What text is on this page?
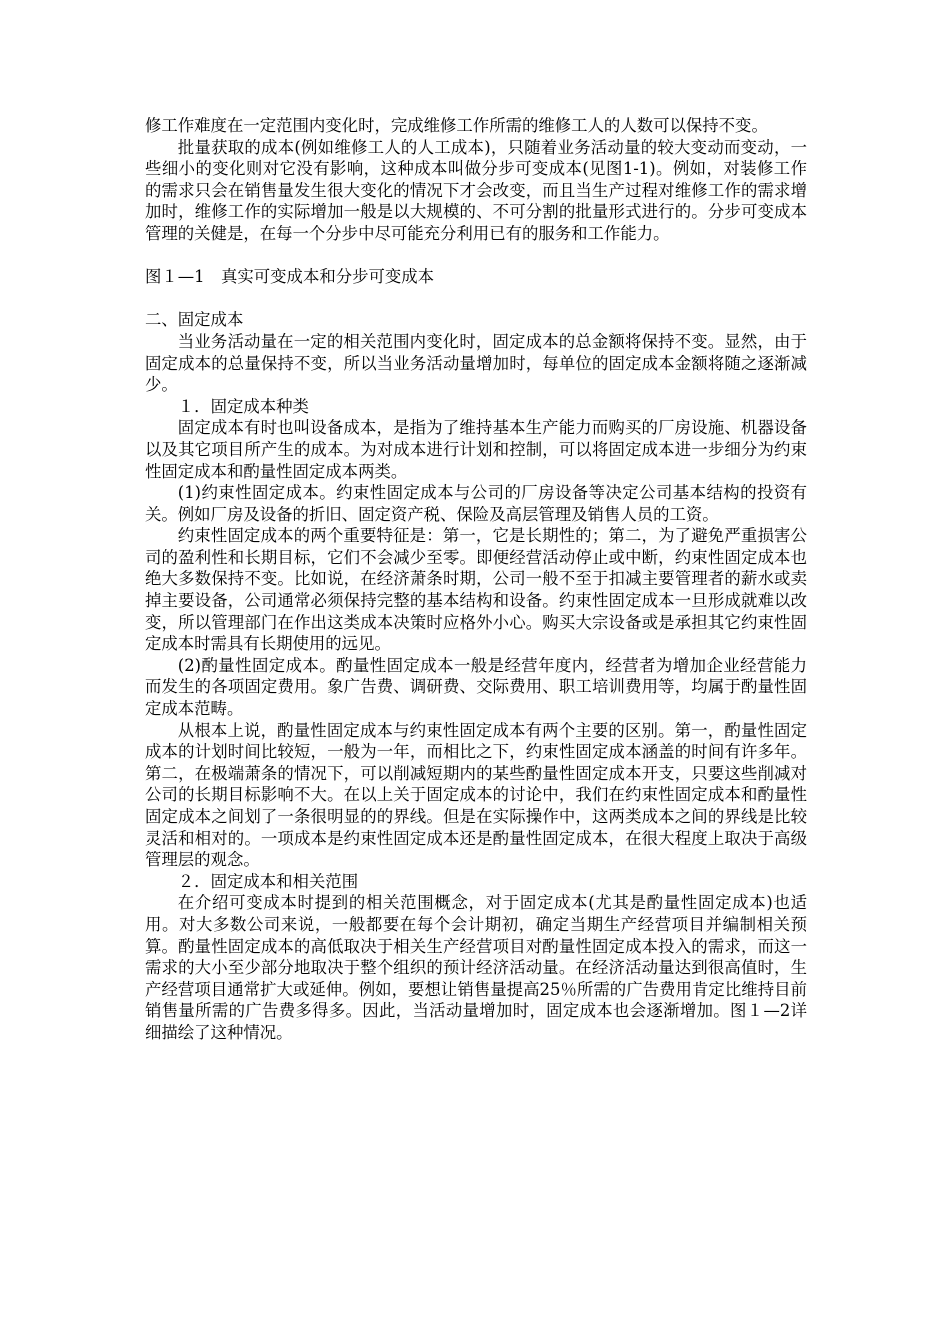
修工作难度在一定范围内变化时，完成维修工作所需的维修工人的人数可以保持不变。

批量获取的成本(例如维修工人的人工成本)，只随着业务活动量的较大变动而变动，一些细小的变化则对它没有影响，这种成本叫做分步可变成本(见图1-1)。例如，对装修工作的需求只会在销售量发生很大变化的情况下才会改变，而且当生产过程对维修工作的需求增加时，维修工作的实际增加一般是以大规模的、不可分割的批量形式进行的。分步可变成本管理的关健是，在每一个分步中尽可能充分利用已有的服务和工作能力。

图１—1　真实可变成本和分步可变成本

二、固定成本

当业务活动量在一定的相关范围内变化时，固定成本的总金额将保持不变。显然，由于固定成本的总量保持不变，所以当业务活动量增加时，每单位的固定成本金额将随之逐渐减少。

１．固定成本种类

固定成本有时也叫设备成本，是指为了维持基本生产能力而购买的厂房设施、机器设备以及其它项目所产生的成本。为对成本进行计划和控制，可以将固定成本进一步细分为约束性固定成本和酌量性固定成本两类。

(1)约束性固定成本。约束性固定成本与公司的厂房设备等决定公司基本结构的投资有关。例如厂房及设备的折旧、固定资产税、保险及高层管理及销售人员的工资。

约束性固定成本的两个重要特征是：第一，它是长期性的；第二，为了避免严重损害公司的盈利性和长期目标，它们不会减少至零。即便经营活动停止或中断，约束性固定成本也绝大多数保持不变。比如说，在经济萧条时期，公司一般不至于扣减主要管理者的薪水或卖掉主要设备，公司通常必须保持完整的基本结构和设备。约束性固定成本一旦形成就难以改变，所以管理部门在作出这类成本决策时应格外小心。购买大宗设备或是承担其它约束性固定成本时需具有长期使用的远见。

(2)酌量性固定成本。酌量性固定成本一般是经营年度内，经营者为增加企业经营能力而发生的各项固定费用。象广告费、调研费、交际费用、职工培训费用等，均属于酌量性固定成本范畴。

从根本上说，酌量性固定成本与约束性固定成本有两个主要的区别。第一，酌量性固定成本的计划时间比较短，一般为一年，而相比之下，约束性固定成本涵盖的时间有许多年。第二，在极端萧条的情况下，可以削减短期内的某些酌量性固定成本开支，只要这些削减对公司的长期目标影响不大。在以上关于固定成本的讨论中，我们在约束性固定成本和酌量性固定成本之间划了一条很明显的的界线。但是在实际操作中，这两类成本之间的界线是比较灵活和相对的。一项成本是约束性固定成本还是酌量性固定成本，在很大程度上取决于高级管理层的观念。

２．固定成本和相关范围

在介绍可变成本时提到的相关范围概念，对于固定成本(尤其是酌量性固定成本)也适用。对大多数公司来说，一般都要在每个会计期初，确定当期生产经营项目并编制相关预算。酌量性固定成本的高低取决于相关生产经营项目对酌量性固定成本投入的需求，而这一需求的大小至少部分地取决于整个组织的预计经济活动量。在经济活动量达到很高值时，生产经营项目通常扩大或延伸。例如，要想让销售量提高25％所需的广告费用肯定比维持目前销售量所需的广告费多得多。因此，当活动量增加时，固定成本也会逐渐增加。图１—2详细描绘了这种情况。
